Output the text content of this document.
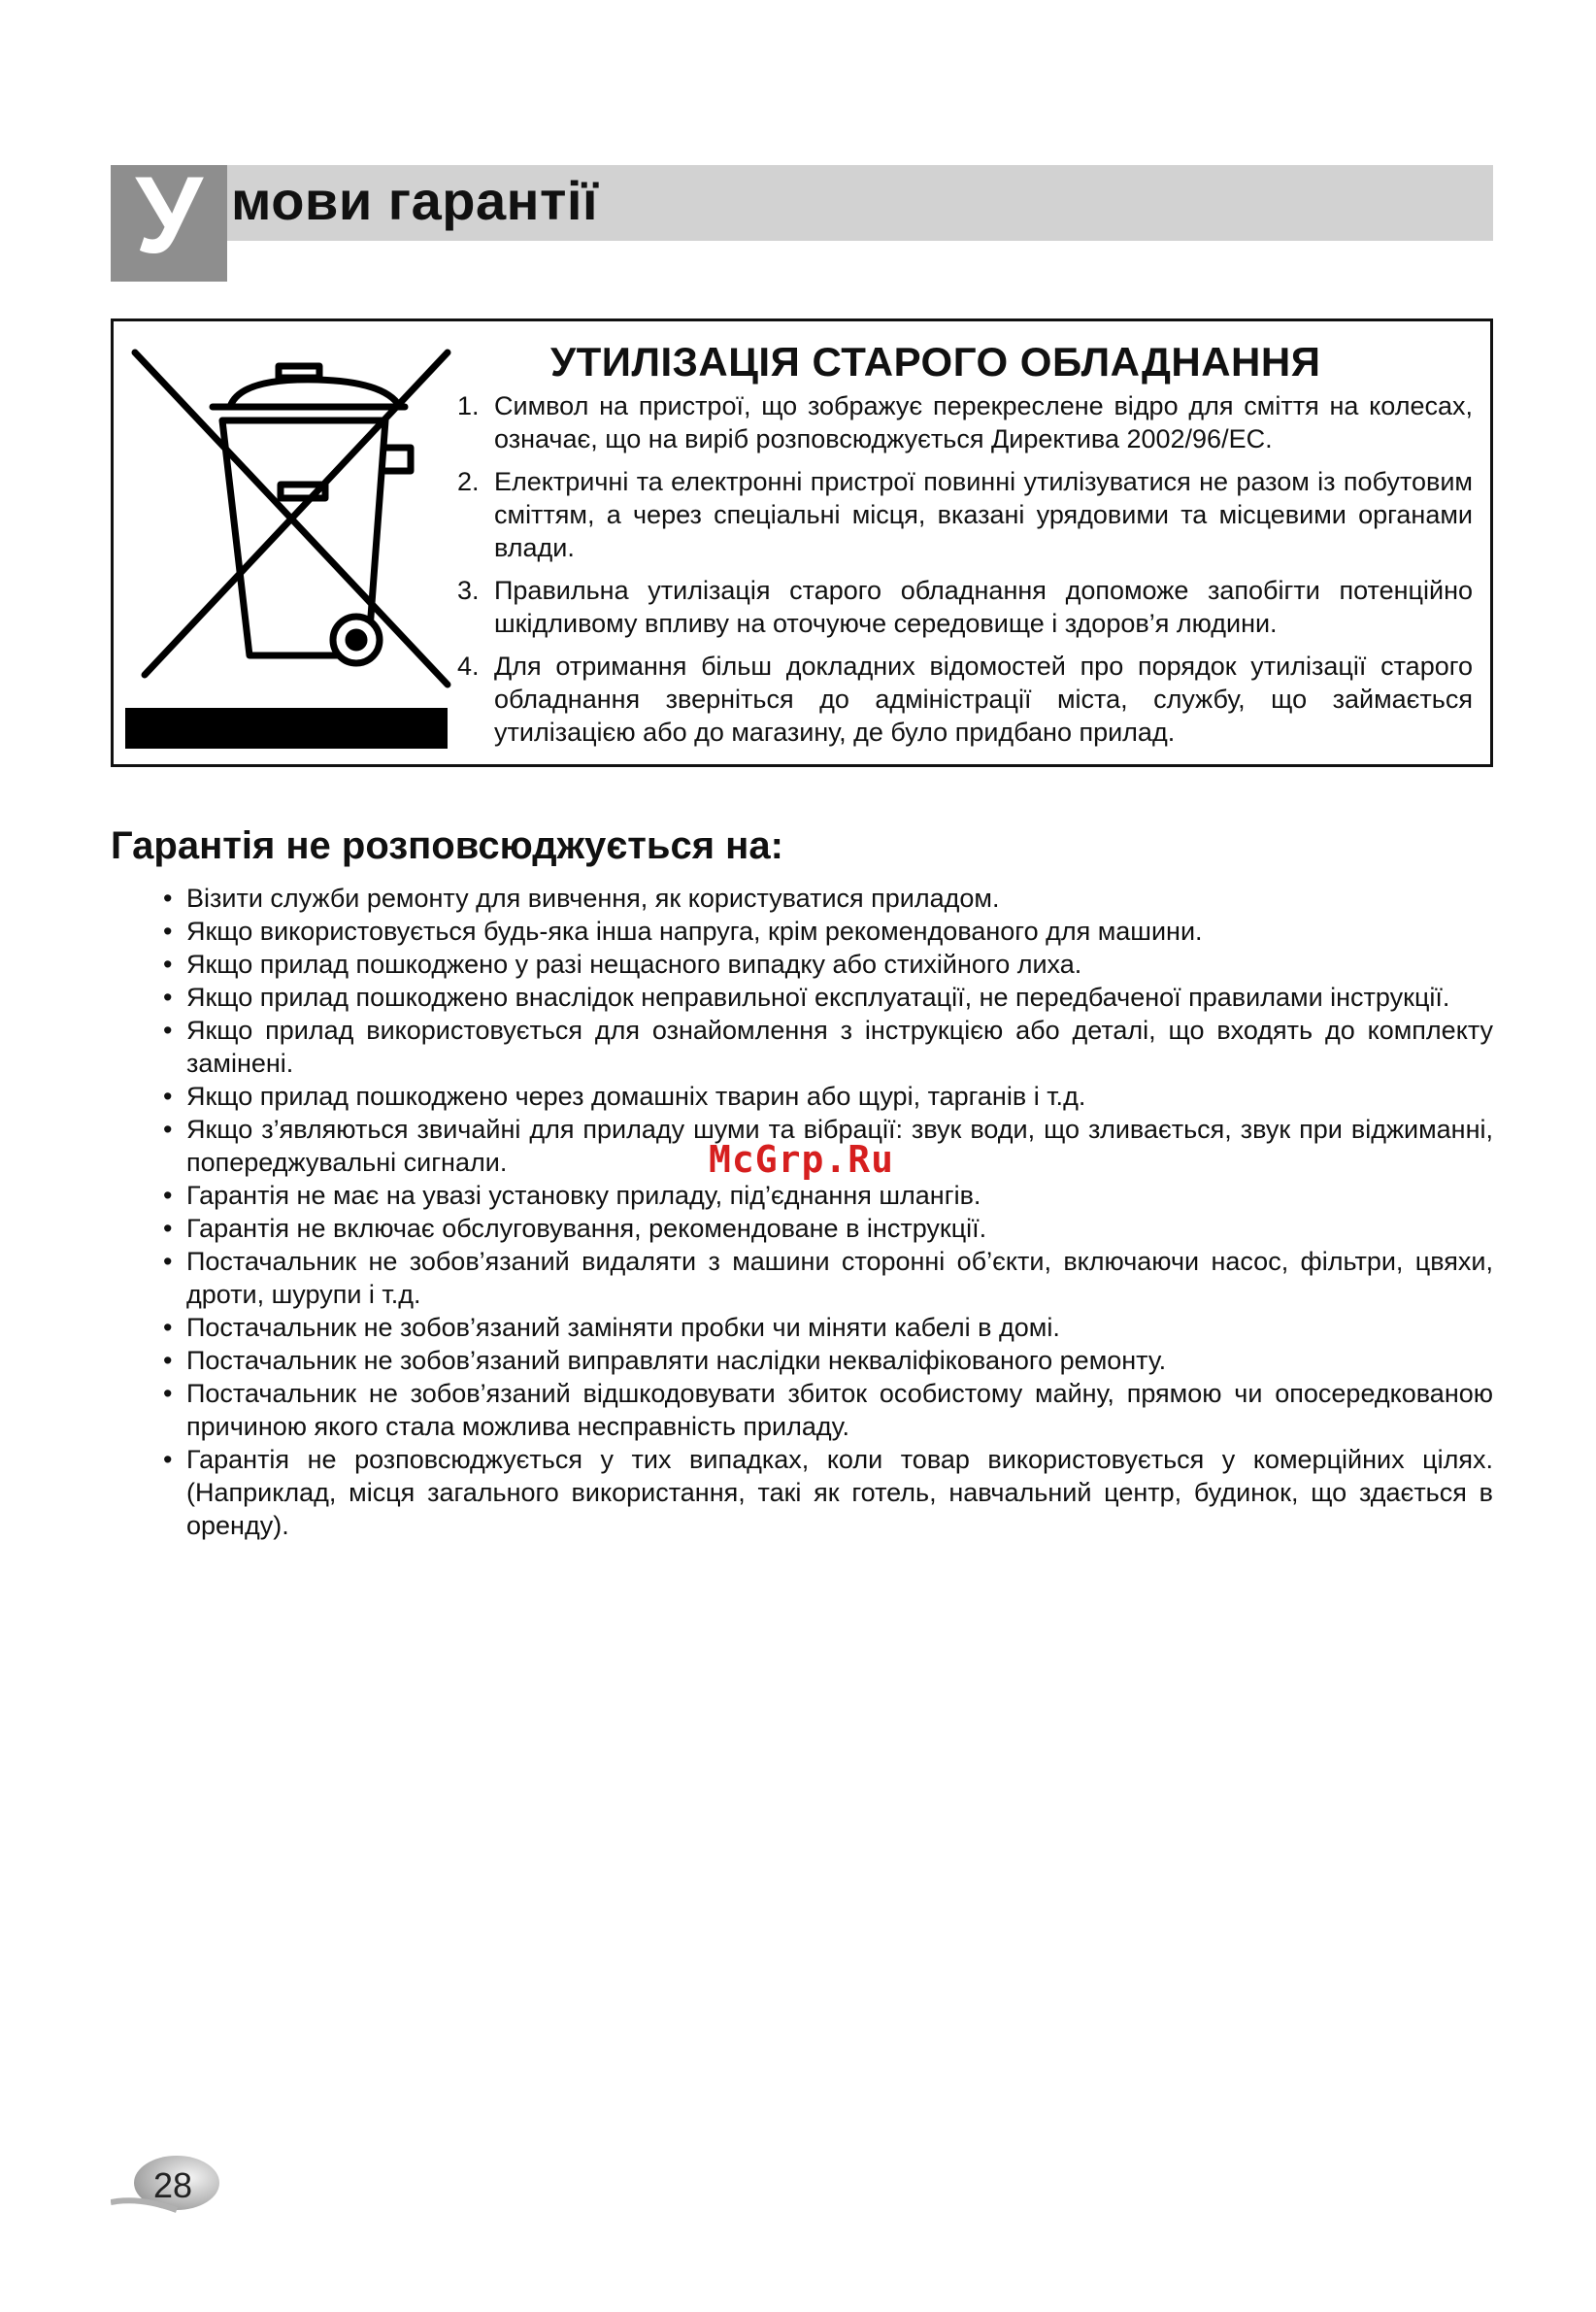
У мови гарантії
УТИЛІЗАЦІЯ СТАРОГО ОБЛАДНАННЯ
1. Символ на пристрої, що зображує перекреслене відро для сміття на колесах, означає, що на виріб розповсюджується Директива 2002/96/ЕС.
2. Електричні та електронні пристрої повинні утилізуватися не разом із побутовим сміттям, а через спеціальні місця, вказані урядовими та місцевими органами влади.
3. Правильна утилізація старого обладнання допоможе запобігти потенційно шкідливому впливу на оточуюче середовище і здоров’я людини.
4. Для отримання більш докладних відомостей про порядок утилізації старого обладнання зверніться до адміністрації міста, службу, що займається утилізацією або до магазину, де було придбано прилад.
Гарантія не розповсюджується на:
• Візити служби ремонту для вивчення, як користуватися приладом.
• Якщо використовується будь-яка інша напруга, крім рекомендованого для машини.
• Якщо прилад пошкоджено у разі нещасного випадку або стихійного лиха.
• Якщо прилад пошкоджено внаслідок неправильної експлуатації, не передбаченої правилами інструкції.
• Якщо прилад використовується для ознайомлення з інструкцією або деталі, що входять до комплекту замінені.
• Якщо прилад пошкоджено через домашніх тварин або щурі, тарганів і т.д.
• Якщо з’являються звичайні для приладу шуми та вібрації: звук води, що зливається, звук при віджиманні, попереджувальні сигнали.
• Гарантія не має на увазі установку приладу, під’єднання шлангів.
• Гарантія не включає обслуговування, рекомендоване в інструкції.
• Постачальник не зобов’язаний видаляти з машини сторонні об’єкти, включаючи насос, фільтри, цвяхи, дроти, шурупи і т.д.
• Постачальник не зобов’язаний заміняти пробки чи міняти кабелі в домі.
• Постачальник не зобов’язаний виправляти наслідки некваліфікованого ремонту.
• Постачальник не зобов’язаний відшкодовувати збиток особистому майну, прямою чи опосередкованою причиною якого стала можлива несправність приладу.
• Гарантія не розповсюджується у тих випадках, коли товар використовується у комерційних цілях. (Наприклад, місця загального використання, такі як готель, навчальний центр, будинок, що здається в оренду).
McGrp.Ru
28
